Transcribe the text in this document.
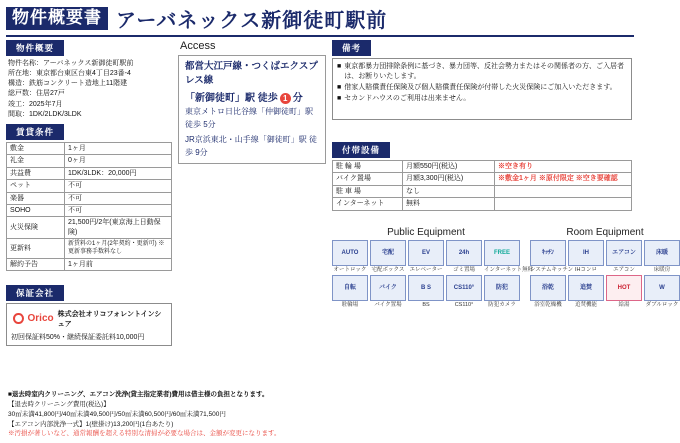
物件概要書 アーバネックス新御徒町駅前
物件概要
物件名称： アーバネックス新御徒町駅前
所在地： 東京都台東区台東4丁目23番-4
構造： 鉄筋コンクリート造地上11階建
総戸数： 住居27戸
竣工： 2025年7月
間取： 1DK/2LDK/3LDK
賃貸条件
敷金	1ヶ月
礼金	0ヶ月
共益費	1DK/3LDK：20,000円
ペット	不可
楽器	不可
SOHO	不可
火災保険	21,500円/2年(東京海上日動保険)
更新料	新賃料の1ヶ月(2年契約・更新可) ※更新事務手数料なし
解約予告	1ヶ月前
保証会社
Orico 株式会社オリコフォレントインシュア
初回保証料50%・継続保証委託料10,000円
Access
都営大江戸線・つくばエクスプレス線
「新御徒町」駅 徒歩 1 分
東京メトロ日比谷線「仲御徒町」駅 徒歩 5分
JR京浜東北・山手線「御徒町」駅 徒歩 9分
備考
■ 東京都暴力団排除条例に基づき、暴力団等、反社会勢力またはその関係者の方、ご入居者は、お断りいたします。
■ 借家人賠償責任保険及び個人賠償責任保険が付帯した火災保険にご加入いただきます。
■ セカンドハウスのご利用は出来ません。
付帯設備
駐 輪 場	月額550円(税込)	※空き有り
バイク置場	月額3,300円(税込)	※敷金1ヶ月 ※原付限定 ※空き要確認
駐 車 場	なし	
インターネット	無料	
Public Equipment
AUTO
オートロック
宅配
宅配ボックス
EV
エレベーター
24h
ゴミ置場
FREE
インターネット無料
自転
駐輪場
バイク
バイク置場
B S
BS
CS110°
CS110°
防犯
防犯カメラ
Room Equipment
ｷｯﾁﾝ
システムキッチン
IH
IHコンロ
エアコン
エアコン
床暖
床暖房
浴乾
浴室乾燥機
追焚
追焚機能
HOT
給湯
W
ダブルロック
■退去時室内クリーニング、エアコン洗浄(貸主指定業者)費用は借主様の負担となります。
【退去時クリーニング費用(税込)】
30㎡未満41,800円/40㎡未満49,500円/50㎡未満60,500円/60㎡未満71,500円
【エアコン内部洗浄一式】1(壁掛け)13,200円(1台あたり)
※汚損が著しいなど、通常報酬を超える特別な清掃が必要な場合は、金額が変更になります。
